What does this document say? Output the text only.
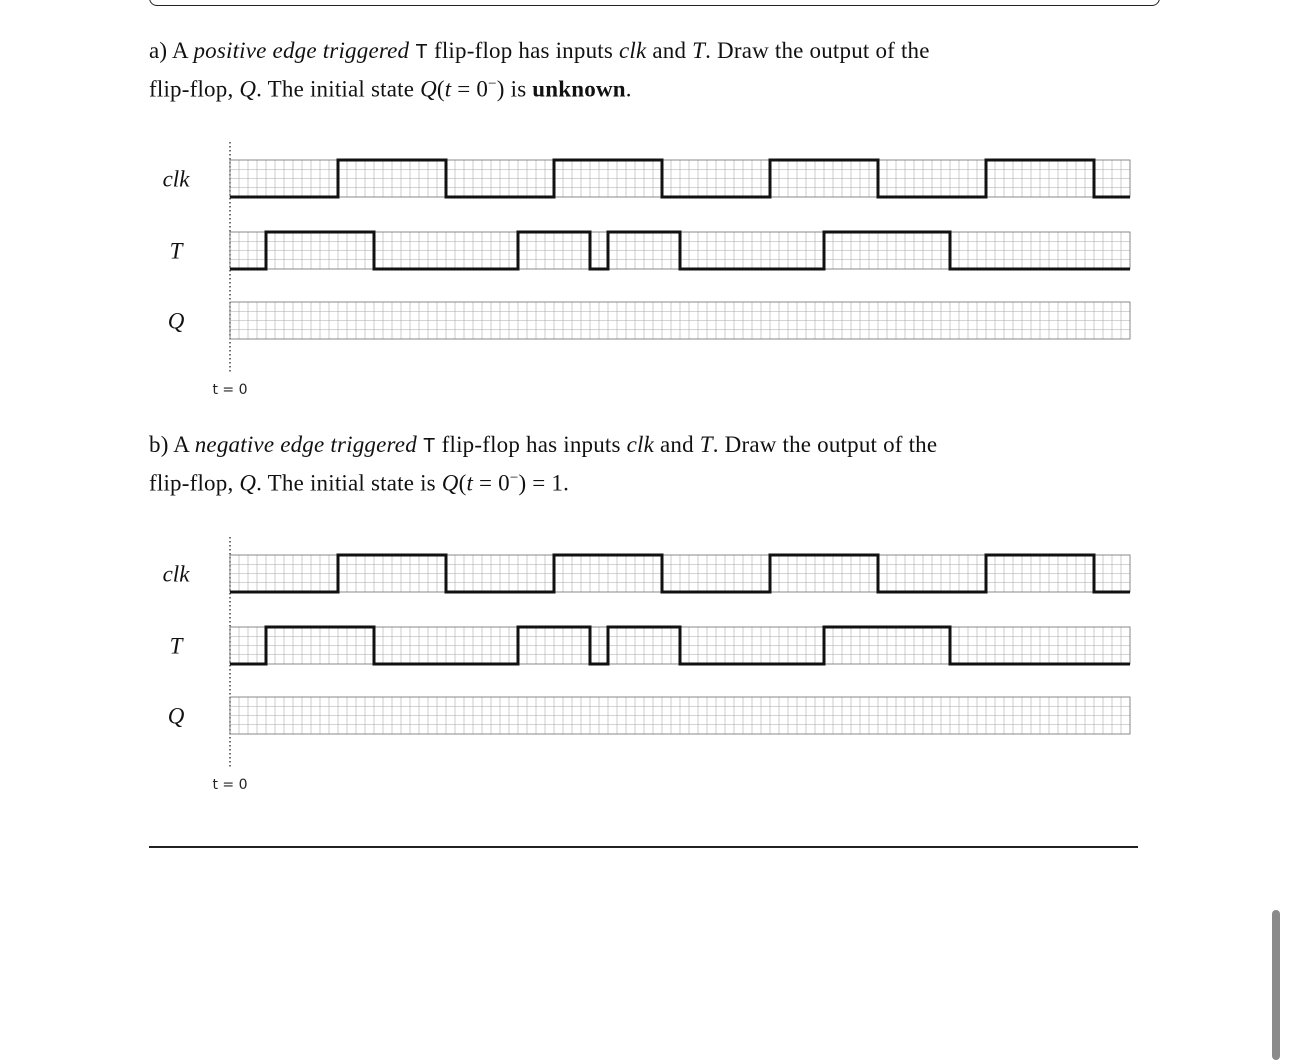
a) A positive edge triggered T flip-flop has inputs clk and T. Draw the output of the
flip-flop, Q. The initial state Q(t = 0−) is unknown.
clk
T
Q
t = 0
b) A negative edge triggered T flip-flop has inputs clk and T. Draw the output of the
flip-flop, Q. The initial state is Q(t = 0−) = 1.
clk
T
Q
t = 0
